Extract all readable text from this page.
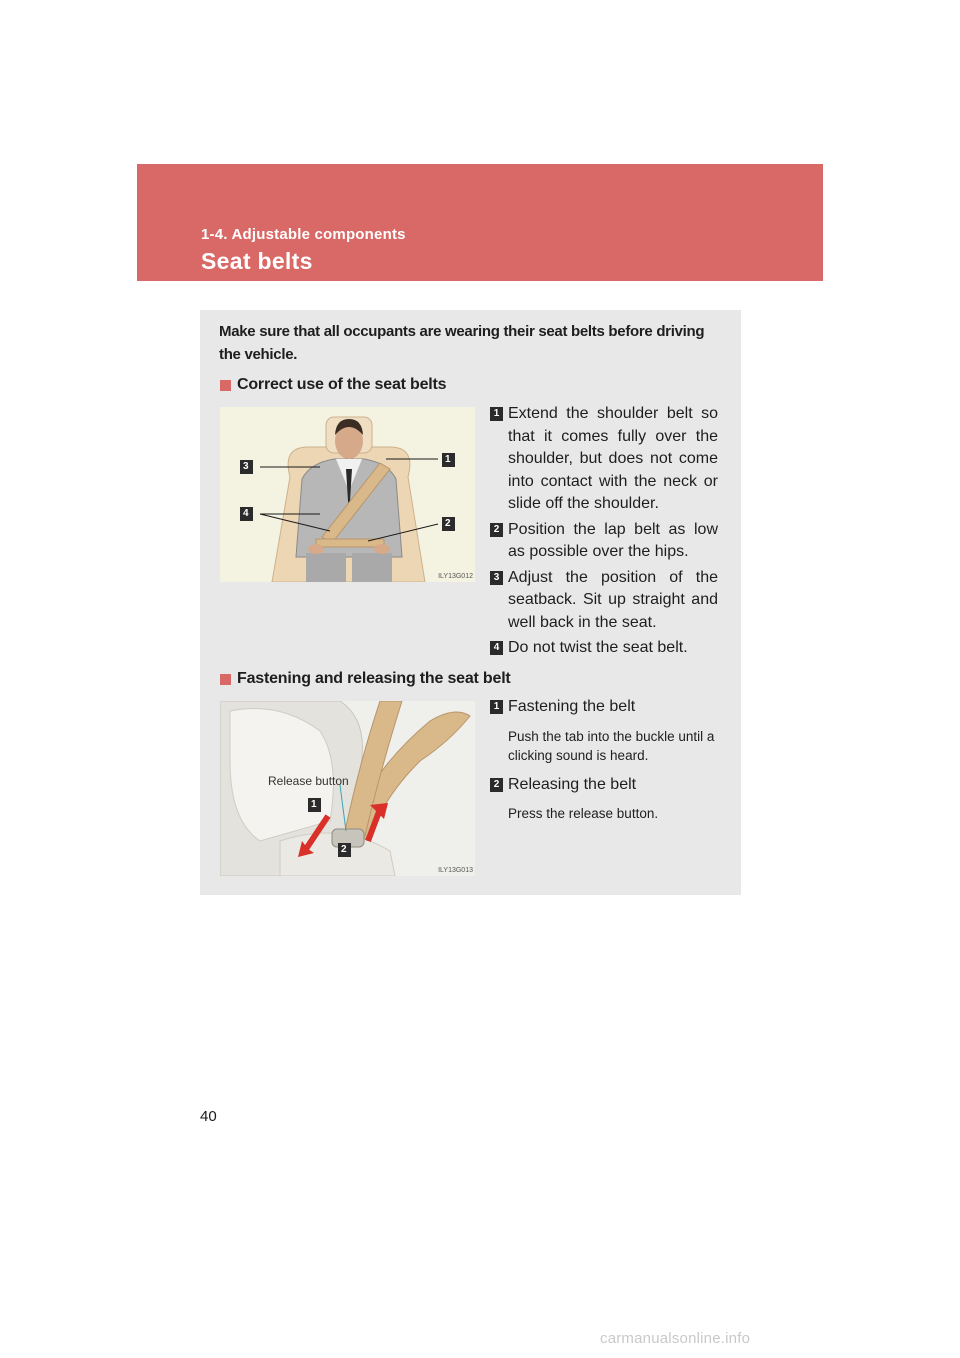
1-4. Adjustable components
Seat belts
Make sure that all occupants are wearing their seat belts before driving the vehicle.
Correct use of the seat belts
3
1
4
2
ILY13G012
1 Extend the shoulder belt so that it comes fully over the shoulder, but does not come into contact with the neck or slide off the shoulder.
2 Position the lap belt as low as possible over the hips.
3 Adjust the position of the seatback. Sit up straight and well back in the seat.
4 Do not twist the seat belt.
Fastening and releasing the seat belt
Release button
1
2
ILY13G013
1 Fastening the belt
Push the tab into the buckle until a clicking sound is heard.
2 Releasing the belt
Press the release button.
40
carmanualsonline.info
